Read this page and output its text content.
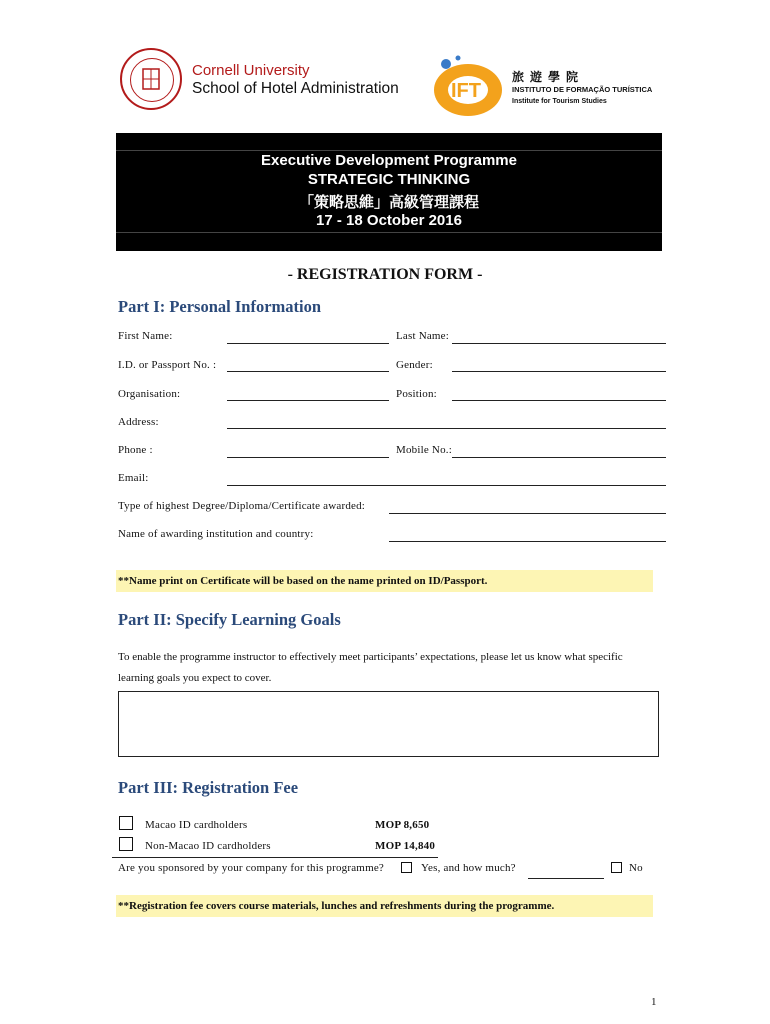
Cornell University
School of Hotel Administration	IFT
旅遊學院
INSTITUTO DE FORMAÇÃO TURÍSTICA
Institute for Tourism Studies
Executive Development Programme
STRATEGIC THINKING
「策略思維」高級管理課程
17 - 18 October 2016
- REGISTRATION FORM -
Part I: Personal Information
First Name:	Last Name:
I.D. or Passport No. :	Gender:
Organisation:	Position:
Address:
Phone :	Mobile No.:
Email:
Type of highest Degree/Diploma/Certificate awarded:
Name of awarding institution and country:
**Name print on Certificate will be based on the name printed on ID/Passport.
Part II: Specify Learning Goals
To enable the programme instructor to effectively meet participants’ expectations, please let us know what specific
learning goals you expect to cover.
Part III: Registration Fee
Macao ID cardholders	MOP 8,650
Non-Macao ID cardholders	MOP 14,840
Are you sponsored by your company for this programme?	Yes, and how much?	No
**Registration fee covers course materials, lunches and refreshments during the programme.
1
